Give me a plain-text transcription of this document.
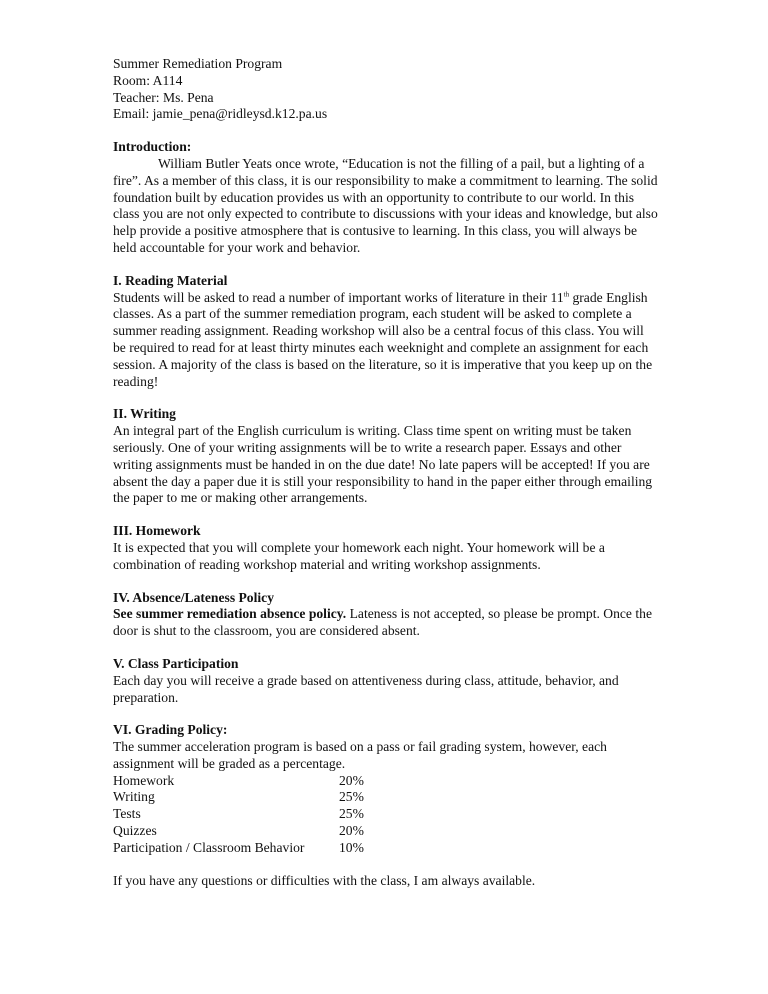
Summer Remediation Program

Room: A114

Teacher: Ms. Pena

Email: jamie_pena@ridleysd.k12.pa.us

Introduction:

William Butler Yeats once wrote, “Education is not the filling of a pail, but a lighting of a fire”. As a member of this class, it is our responsibility to make a commitment to learning. The solid foundation built by education provides us with an opportunity to contribute to our world. In this class you are not only expected to contribute to discussions with your ideas and knowledge, but also help provide a positive atmosphere that is contusive to learning. In this class, you will always be held accountable for your work and behavior.

I. Reading Material

Students will be asked to read a number of important works of literature in their 11th grade English classes. As a part of the summer remediation program, each student will be asked to complete a summer reading assignment. Reading workshop will also be a central focus of this class. You will be required to read for at least thirty minutes each weeknight and complete an assignment for each session. A majority of the class is based on the literature, so it is imperative that you keep up on the reading!

II. Writing

An integral part of the English curriculum is writing. Class time spent on writing must be taken seriously. One of your writing assignments will be to write a research paper. Essays and other writing assignments must be handed in on the due date! No late papers will be accepted! If you are absent the day a paper due it is still your responsibility to hand in the paper either through emailing the paper to me or making other arrangements.

III. Homework

It is expected that you will complete your homework each night. Your homework will be a combination of reading workshop material and writing workshop assignments.

IV. Absence/Lateness Policy

See summer remediation absence policy. Lateness is not accepted, so please be prompt. Once the door is shut to the classroom, you are considered absent.

V. Class Participation

Each day you will receive a grade based on attentiveness during class, attitude, behavior, and preparation.

VI. Grading Policy:

The summer acceleration program is based on a pass or fail grading system, however, each assignment will be graded as a percentage.

Homework	20%
Writing	25%
Tests	25%
Quizzes	20%
Participation / Classroom Behavior	10%

If you have any questions or difficulties with the class, I am always available.
